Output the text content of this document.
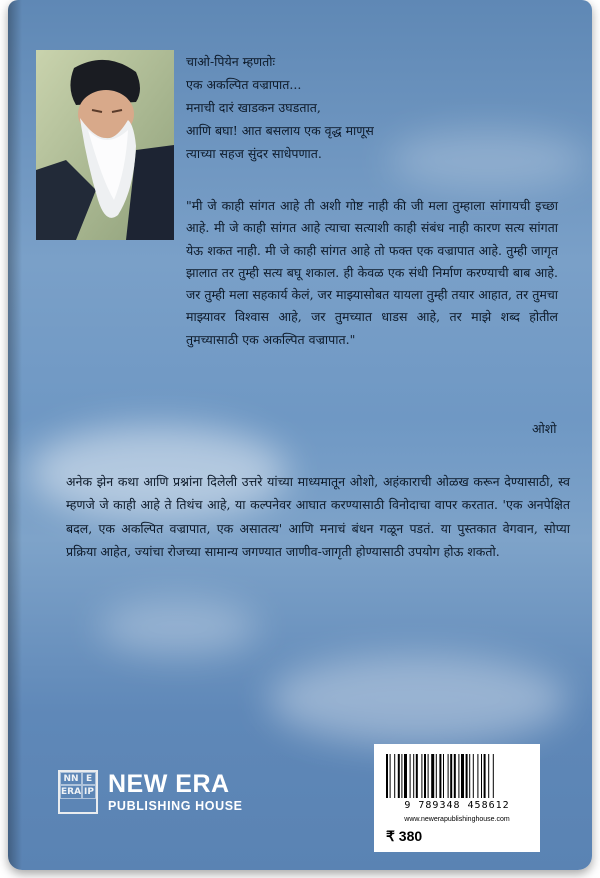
चाओ-पियेन म्हणतोः
एक अकल्पित वज्रापात...
मनाची दारं खाडकन उघडतात,
आणि बघा! आत बसलाय एक वृद्ध माणूस
त्याच्या सहज सुंदर साधेपणात.
"मी जे काही सांगत आहे ती अशी गोष्ट नाही की जी मला तुम्हाला सांगायची इच्छा आहे. मी जे काही सांगत आहे त्याचा सत्याशी काही संबंध नाही कारण सत्य सांगता येऊ शकत नाही. मी जे काही सांगत आहे तो फक्त एक वज्रापात आहे. तुम्ही जागृत झालात तर तुम्ही सत्य बघू शकाल. ही केवळ एक संधी निर्माण करण्याची बाब आहे. जर तुम्ही मला सहकार्य केलं, जर माझ्यासोबत यायला तुम्ही तयार आहात, तर तुमचा माझ्यावर विश्वास आहे, जर तुमच्यात धाडस आहे, तर माझे शब्द होतील तुमच्यासाठी एक अकल्पित वज्रापात."
ओशो
अनेक झेन कथा आणि प्रश्नांना दिलेली उत्तरे यांच्या माध्यमातून ओशो, अहंकाराची ओळख करून देण्यासाठी, स्व म्हणजे जे काही आहे ते तिथंच आहे, या कल्पनेवर आघात करण्यासाठी विनोदाचा वापर करतात. 'एक अनपेक्षित बदल, एक अकल्पित वज्रापात, एक असातत्य' आणि मनाचं बंधन गळून पडतं. या पुस्तकात वेगवान, सोप्या प्रक्रिया आहेत, ज्यांचा रोजच्या सामान्य जगण्यात जाणीव-जागृती होण्यासाठी उपयोग होऊ शकतो.
NN E
ERA IP NEW ERA
PUBLISHING HOUSE	9 789348 458612
www.newerapublishinghouse.com
₹ 380
